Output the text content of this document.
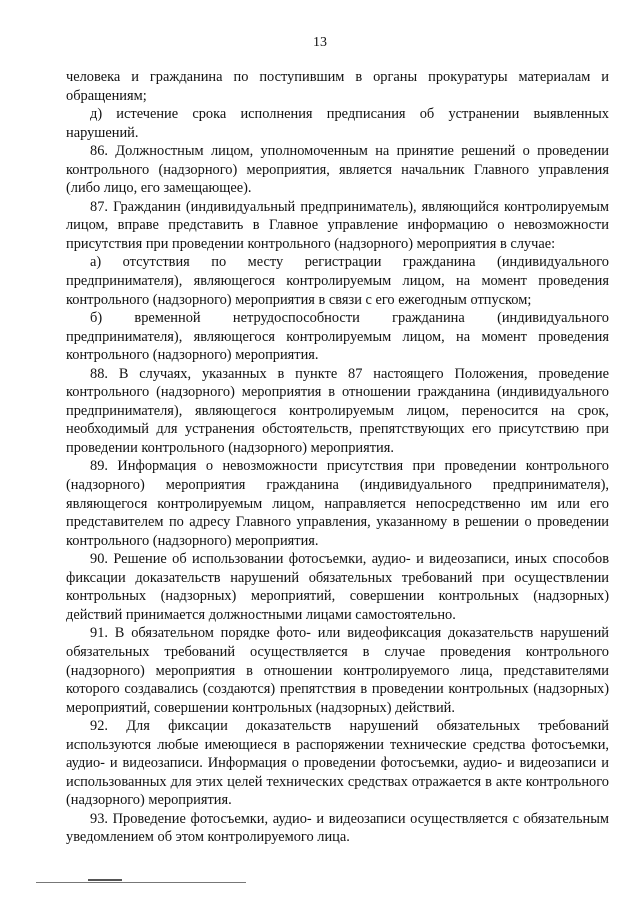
13

человека и гражданина по поступившим в органы прокуратуры материалам и обращениям;

д) истечение срока исполнения предписания об устранении выявленных нарушений.

86. Должностным лицом, уполномоченным на принятие решений о проведении контрольного (надзорного) мероприятия, является начальник Главного управления (либо лицо, его замещающее).

87. Гражданин (индивидуальный предприниматель), являющийся контролируемым лицом, вправе представить в Главное управление информацию о невозможности присутствия при проведении контрольного (надзорного) мероприятия в случае:

а) отсутствия по месту регистрации гражданина (индивидуального предпринимателя), являющегося контролируемым лицом, на момент проведения контрольного (надзорного) мероприятия в связи с его ежегодным отпуском;

б) временной нетрудоспособности гражданина (индивидуального предпринимателя), являющегося контролируемым лицом, на момент проведения контрольного (надзорного) мероприятия.

88. В случаях, указанных в пункте 87 настоящего Положения, проведение контрольного (надзорного) мероприятия в отношении гражданина (индивидуального предпринимателя), являющегося контролируемым лицом, переносится на срок, необходимый для устранения обстоятельств, препятствующих его присутствию при проведении контрольного (надзорного) мероприятия.

89. Информация о невозможности присутствия при проведении контрольного (надзорного) мероприятия гражданина (индивидуального предпринимателя), являющегося контролируемым лицом, направляется непосредственно им или его представителем по адресу Главного управления, указанному в решении о проведении контрольного (надзорного) мероприятия.

90. Решение об использовании фотосъемки, аудио- и видеозаписи, иных способов фиксации доказательств нарушений обязательных требований при осуществлении контрольных (надзорных) мероприятий, совершении контрольных (надзорных) действий принимается должностными лицами самостоятельно.

91. В обязательном порядке фото- или видеофиксация доказательств нарушений обязательных требований осуществляется в случае проведения контрольного (надзорного) мероприятия в отношении контролируемого лица, представителями которого создавались (создаются) препятствия в проведении контрольных (надзорных) мероприятий, совершении контрольных (надзорных) действий.

92. Для фиксации доказательств нарушений обязательных требований используются любые имеющиеся в распоряжении технические средства фотосъемки, аудио- и видеозаписи. Информация о проведении фотосъемки, аудио- и видеозаписи и использованных для этих целей технических средствах отражается в акте контрольного (надзорного) мероприятия.

93. Проведение фотосъемки, аудио- и видеозаписи осуществляется с обязательным уведомлением об этом контролируемого лица.
